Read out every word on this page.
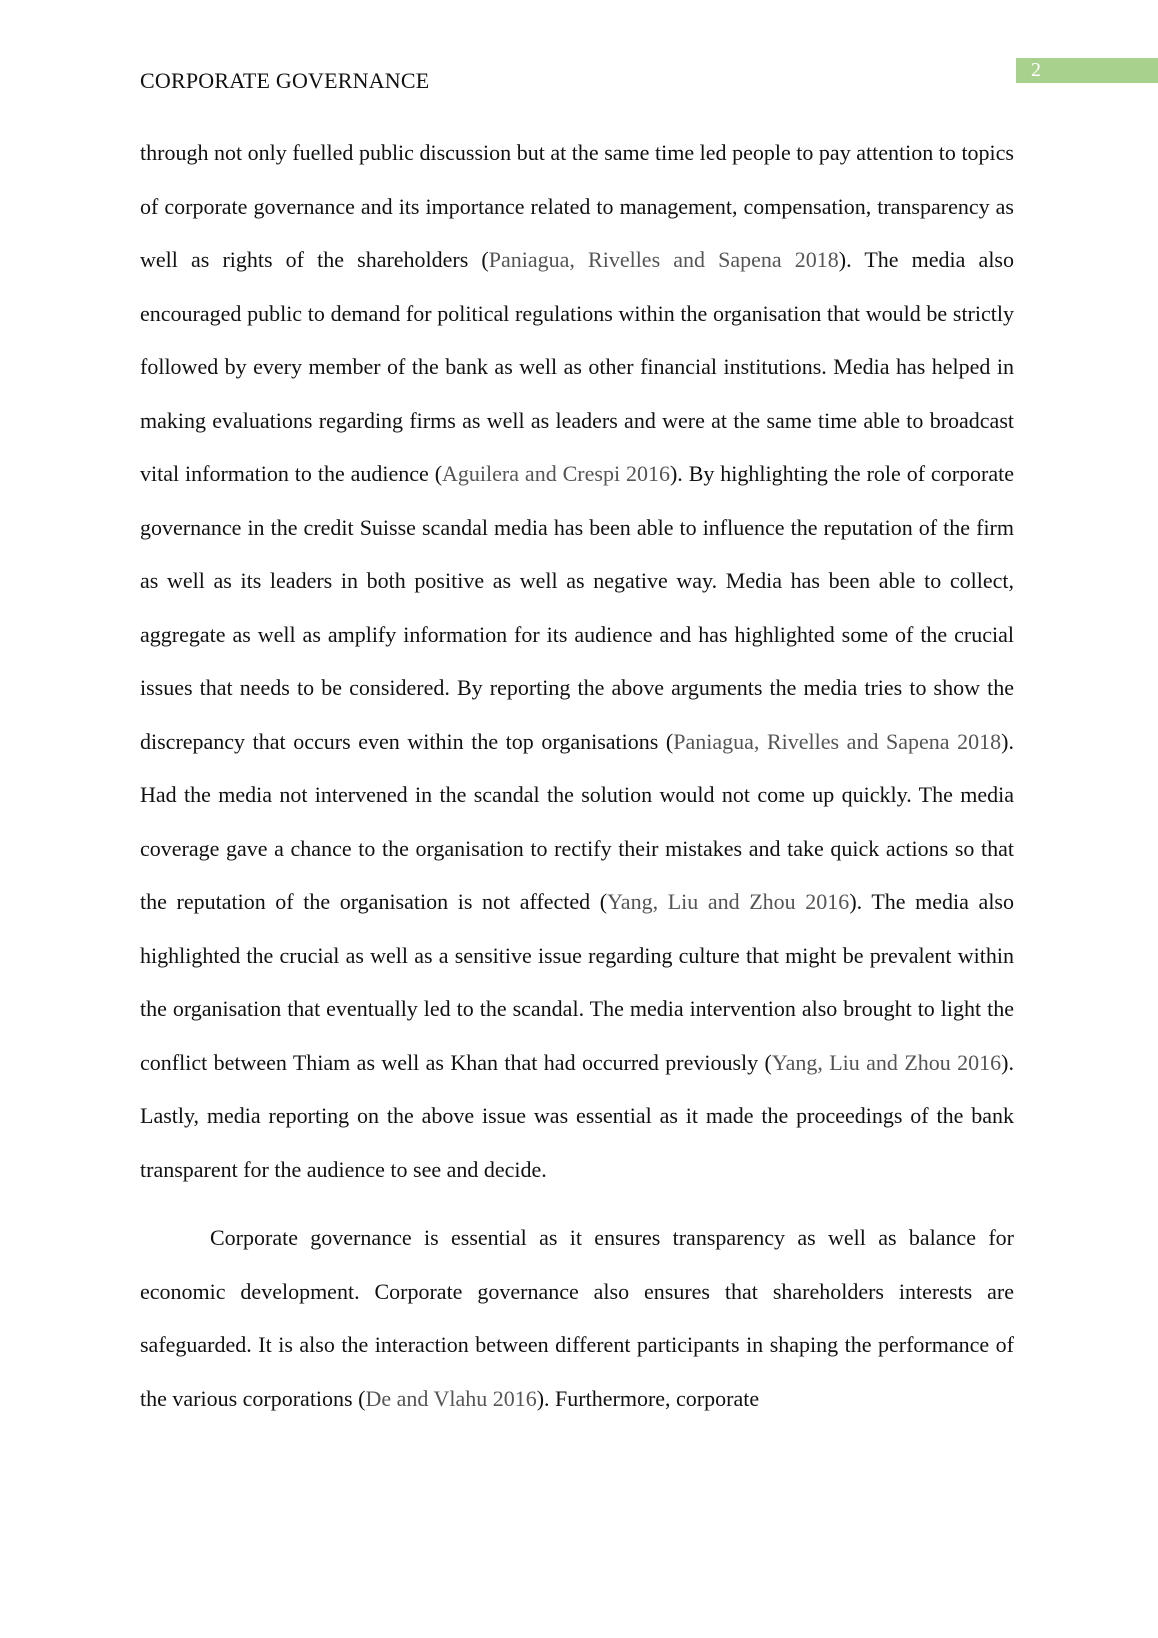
2
CORPORATE GOVERNANCE

through not only fuelled public discussion but at the same time led people to pay attention to topics of corporate governance and its importance related to management, compensation, transparency as well as rights of the shareholders (Paniagua, Rivelles and Sapena 2018). The media also encouraged public to demand for political regulations within the organisation that would be strictly followed by every member of the bank as well as other financial institutions. Media has helped in making evaluations regarding firms as well as leaders and were at the same time able to broadcast vital information to the audience (Aguilera and Crespi 2016). By highlighting the role of corporate governance in the credit Suisse scandal media has been able to influence the reputation of the firm as well as its leaders in both positive as well as negative way. Media has been able to collect, aggregate as well as amplify information for its audience and has highlighted some of the crucial issues that needs to be considered. By reporting the above arguments the media tries to show the discrepancy that occurs even within the top organisations (Paniagua, Rivelles and Sapena 2018). Had the media not intervened in the scandal the solution would not come up quickly. The media coverage gave a chance to the organisation to rectify their mistakes and take quick actions so that the reputation of the organisation is not affected (Yang, Liu and Zhou 2016). The media also highlighted the crucial as well as a sensitive issue regarding culture that might be prevalent within the organisation that eventually led to the scandal. The media intervention also brought to light the conflict between Thiam as well as Khan that had occurred previously (Yang, Liu and Zhou 2016). Lastly, media reporting on the above issue was essential as it made the proceedings of the bank transparent for the audience to see and decide.

Corporate governance is essential as it ensures transparency as well as balance for economic development. Corporate governance also ensures that shareholders interests are safeguarded. It is also the interaction between different participants in shaping the performance of the various corporations (De and Vlahu 2016). Furthermore, corporate
